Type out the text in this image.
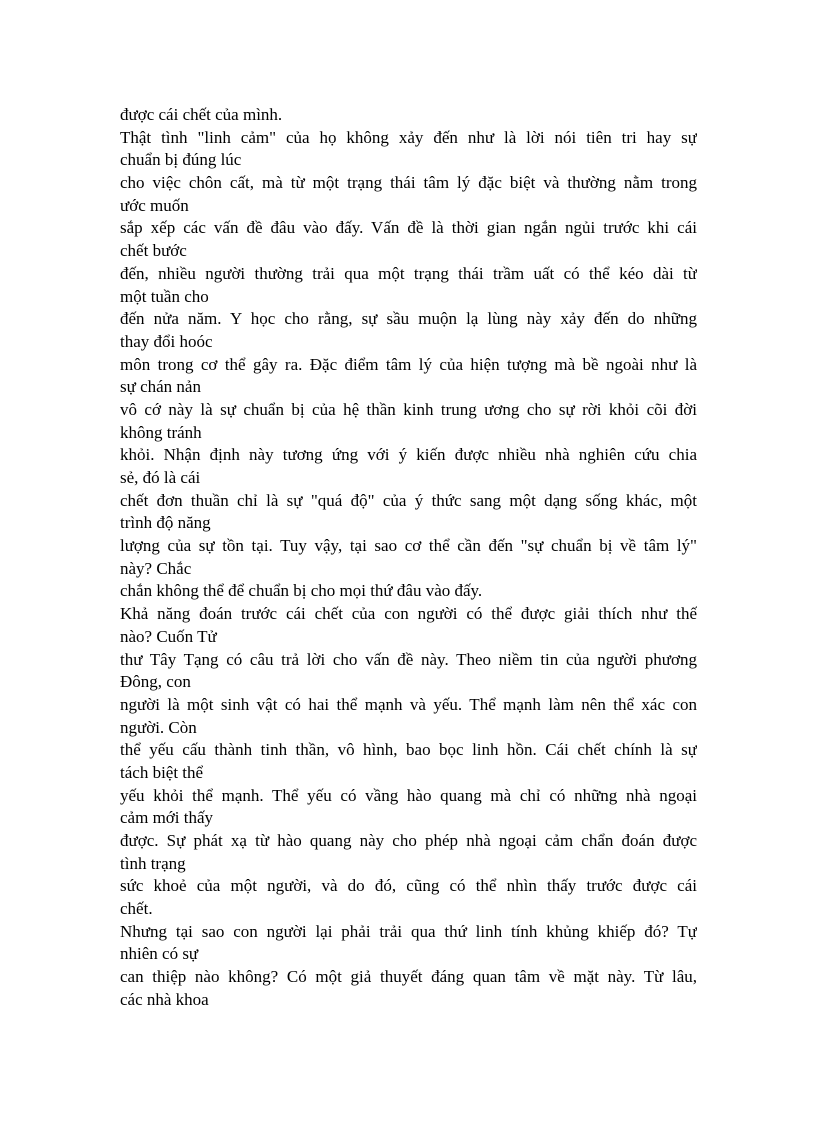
được cái chết của mình.
Thật tình "linh cảm" của họ không xảy đến như là lời nói tiên tri hay sự
chuẩn bị đúng lúc
cho việc chôn cất, mà từ một trạng thái tâm lý đặc biệt và thường nằm trong
ước muốn
sắp xếp các vấn đề đâu vào đấy. Vấn đề là thời gian ngắn ngủi trước khi cái
chết bước
đến, nhiều người thường trải qua một trạng thái trầm uất có thể kéo dài từ
một tuần cho
đến nửa năm. Y học cho rằng, sự sầu muộn lạ lùng này xảy đến do những
thay đổi hoóc
môn trong cơ thể gây ra. Đặc điểm tâm lý của hiện tượng mà bề ngoài như là
sự chán nản
vô cớ này là sự chuẩn bị của hệ thần kinh trung ương cho sự rời khỏi cõi đời
không tránh
khỏi. Nhận định này tương ứng với ý kiến được nhiều nhà nghiên cứu chia
sẻ, đó là cái
chết đơn thuần chỉ là sự "quá độ" của ý thức sang một dạng sống khác, một
trình độ năng
lượng của sự tồn tại. Tuy vậy, tại sao cơ thể cần đến "sự chuẩn bị về tâm lý"
này? Chắc
chắn không thể để chuẩn bị cho mọi thứ đâu vào đấy.
Khả năng đoán trước cái chết của con người có thể được giải thích như thế
nào? Cuốn Tử
thư Tây Tạng có câu trả lời cho vấn đề này. Theo niềm tin của người phương
Đông, con
người là một sinh vật có hai thể mạnh và yếu. Thể mạnh làm nên thể xác con
người. Còn
thể yếu cấu thành tinh thần, vô hình, bao bọc linh hồn. Cái chết chính là sự
tách biệt thể
yếu khỏi thể mạnh. Thể yếu có vầng hào quang mà chỉ có những nhà ngoại
cảm mới thấy
được. Sự phát xạ từ hào quang này cho phép nhà ngoại cảm chẩn đoán được
tình trạng
sức khoẻ của một người, và do đó, cũng có thể nhìn thấy trước được cái
chết.
Nhưng tại sao con người lại phải trải qua thứ linh tính khủng khiếp đó? Tự
nhiên có sự
can thiệp nào không? Có một giả thuyết đáng quan tâm về mặt này. Từ lâu,
các nhà khoa
